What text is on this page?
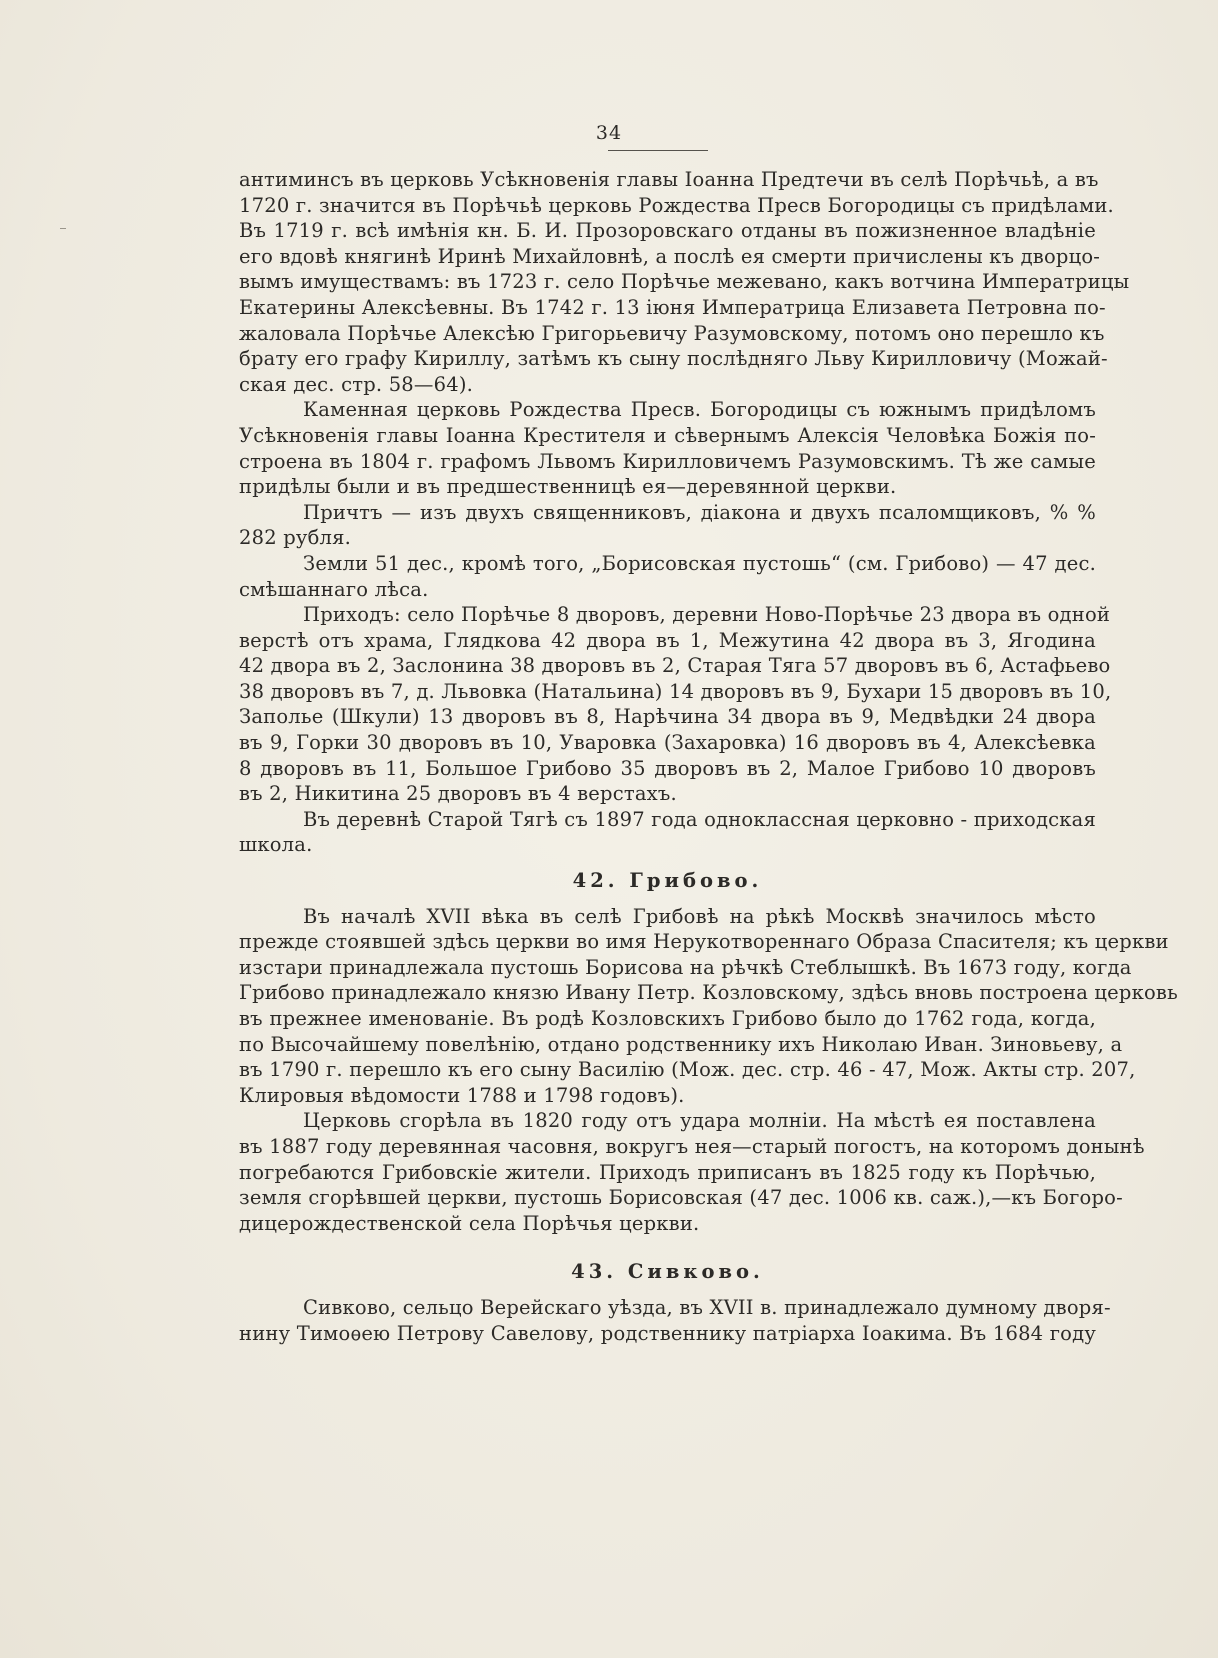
34
антиминсъ въ церковь Усѣкновенія главы Іоанна Предтечи въ селѣ Порѣчьѣ, а въ
1720 г. значится въ Порѣчьѣ церковь Рождества Пресв Богородицы съ придѣлами.
Въ 1719 г. всѣ имѣнія кн. Б. И. Прозоровскаго отданы въ пожизненное владѣніе
его вдовѣ княгинѣ Иринѣ Михайловнѣ, а послѣ ея смерти причислены къ дворцо-
вымъ имуществамъ: въ 1723 г. село Порѣчье межевано, какъ вотчина Императрицы
Екатерины Алексѣевны. Въ 1742 г. 13 іюня Императрица Елизавета Петровна по-
жаловала Порѣчье Алексѣю Григорьевичу Разумовскому, потомъ оно перешло къ
брату его графу Кириллу, затѣмъ къ сыну послѣдняго Льву Кирилловичу (Можай-
ская дес. стр. 58—64).
Каменная церковь Рождества Пресв. Богородицы съ южнымъ придѣломъ
Усѣкновенія главы Іоанна Крестителя и сѣвернымъ Алексія Человѣка Божія по-
строена въ 1804 г. графомъ Львомъ Кирилловичемъ Разумовскимъ. Тѣ же самые
придѣлы были и въ предшественницѣ ея—деревянной церкви.
Причтъ — изъ двухъ священниковъ, діакона и двухъ псаломщиковъ, % %
282 рубля.
Земли 51 дес., кромѣ того, „Борисовская пустошь“ (см. Грибово) — 47 дес.
смѣшаннаго лѣса.
Приходъ: село Порѣчье 8 дворовъ, деревни Ново-Порѣчье 23 двора въ одной
верстѣ отъ храма, Глядкова 42 двора въ 1, Межутина 42 двора въ 3, Ягодина
42 двора въ 2, Заслонина 38 дворовъ въ 2, Старая Тяга 57 дворовъ въ 6, Астафьево
38 дворовъ въ 7, д. Львовка (Натальина) 14 дворовъ въ 9, Бухари 15 дворовъ въ 10,
Заполье (Шкули) 13 дворовъ въ 8, Нарѣчина 34 двора въ 9, Медвѣдки 24 двора
въ 9, Горки 30 дворовъ въ 10, Уваровка (Захаровка) 16 дворовъ въ 4, Алексѣевка
8 дворовъ въ 11, Большое Грибово 35 дворовъ въ 2, Малое Грибово 10 дворовъ
въ 2, Никитина 25 дворовъ въ 4 верстахъ.
Въ деревнѣ Старой Тягѣ съ 1897 года одноклассная церковно - приходская
школа.
42. Грибово.
Въ началѣ XVII вѣка въ селѣ Грибовѣ на рѣкѣ Москвѣ значилось мѣсто
прежде стоявшей здѣсь церкви во имя Нерукотвореннаго Образа Спасителя; къ церкви
изстари принадлежала пустошь Борисова на рѣчкѣ Стеблышкѣ. Въ 1673 году, когда
Грибово принадлежало князю Ивану Петр. Козловскому, здѣсь вновь построена церковь
въ прежнее именованіе. Въ родѣ Козловскихъ Грибово было до 1762 года, когда,
по Высочайшему повелѣнію, отдано родственнику ихъ Николаю Иван. Зиновьеву, а
въ 1790 г. перешло къ его сыну Василію (Мож. дес. стр. 46 - 47, Мож. Акты стр. 207,
Клировыя вѣдомости 1788 и 1798 годовъ).
Церковь сгорѣла въ 1820 году отъ удара молніи. На мѣстѣ ея поставлена
въ 1887 году деревянная часовня, вокругъ нея—старый погостъ, на которомъ донынѣ
погребаются Грибовскіе жители. Приходъ приписанъ въ 1825 году къ Порѣчью,
земля сгорѣвшей церкви, пустошь Борисовская (47 дес. 1006 кв. саж.),—къ Богоро-
дицерождественской села Порѣчья церкви.
43. Сивково.
Сивково, сельцо Верейскаго уѣзда, въ XVII в. принадлежало думному дворя-
нину Тимоѳею Петрову Савелову, родственнику патріарха Іоакима. Въ 1684 году
